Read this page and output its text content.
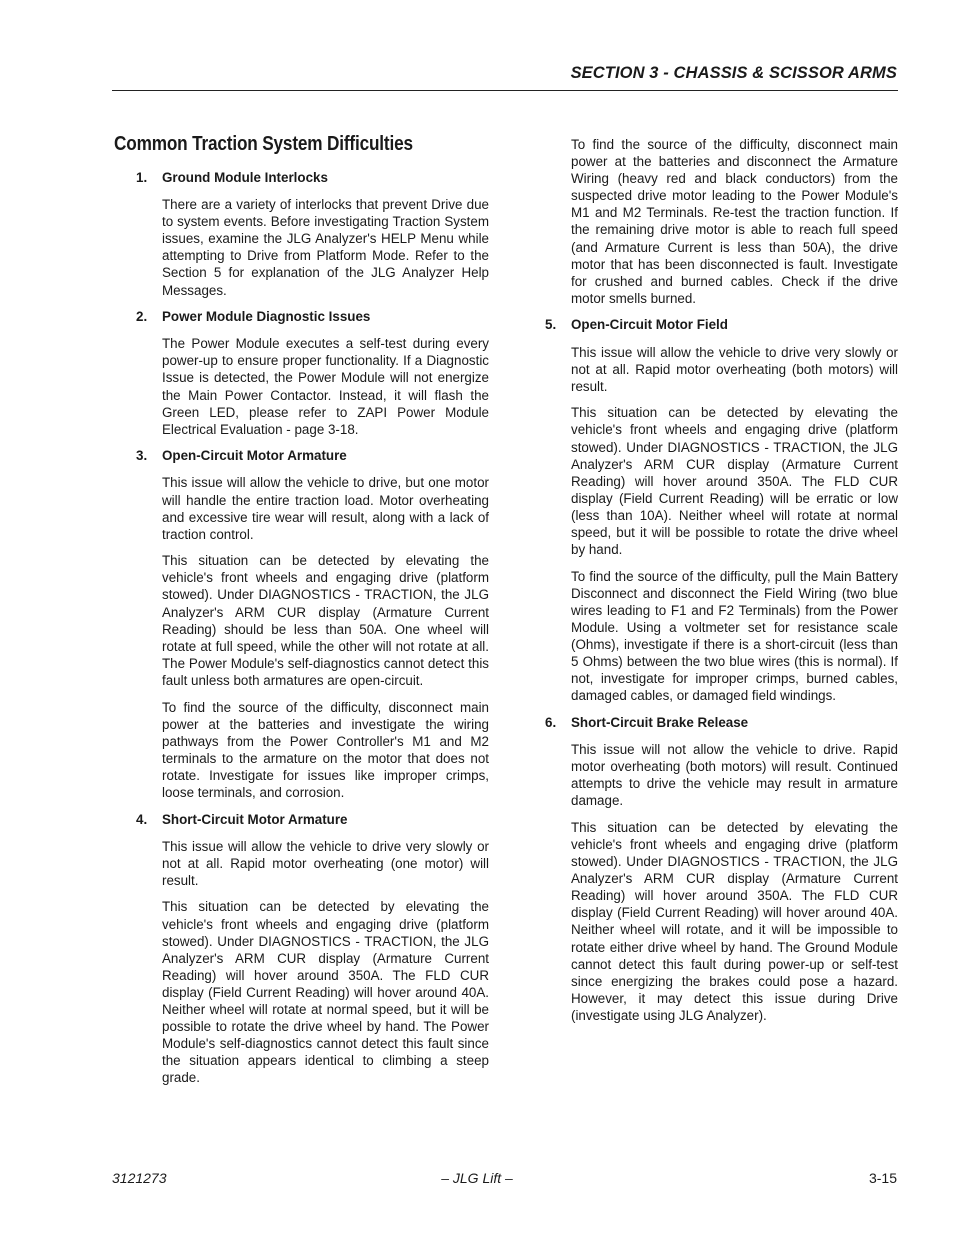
SECTION 3 - CHASSIS & SCISSOR ARMS
Common Traction System Difficulties
1.	Ground Module Interlocks

There are a variety of interlocks that prevent Drive due to system events. Before investigating Traction System issues, examine the JLG Analyzer's HELP Menu while attempting to Drive from Platform Mode. Refer to the Section 5 for explanation of the JLG Analyzer Help Messages.

2.	Power Module Diagnostic Issues

The Power Module executes a self-test during every power-up to ensure proper functionality. If a Diagnostic Issue is detected, the Power Module will not energize the Main Power Contactor. Instead, it will flash the Green LED, please refer to ZAPI Power Module Electrical Evaluation - page 3-18.

3.	Open-Circuit Motor Armature

This issue will allow the vehicle to drive, but one motor will handle the entire traction load. Motor overheating and excessive tire wear will result, along with a lack of traction control.

This situation can be detected by elevating the vehicle's front wheels and engaging drive (platform stowed). Under DIAGNOSTICS - TRACTION, the JLG Analyzer's ARM CUR display (Armature Current Reading) should be less than 50A. One wheel will rotate at full speed, while the other will not rotate at all. The Power Module's self-diagnostics cannot detect this fault unless both armatures are open-circuit.

To find the source of the difficulty, disconnect main power at the batteries and investigate the wiring pathways from the Power Controller's M1 and M2 terminals to the armature on the motor that does not rotate. Investigate for issues like improper crimps, loose terminals, and corrosion.

4.	Short-Circuit Motor Armature

This issue will allow the vehicle to drive very slowly or not at all. Rapid motor overheating (one motor) will result.

This situation can be detected by elevating the vehicle's front wheels and engaging drive (platform stowed). Under DIAGNOSTICS - TRACTION, the JLG Analyzer's ARM CUR display (Armature Current Reading) will hover around 350A. The FLD CUR display (Field Current Reading) will hover around 40A. Neither wheel will rotate at normal speed, but it will be possible to rotate the drive wheel by hand. The Power Module's self-diagnostics cannot detect this fault since the situation appears identical to climbing a steep grade.

To find the source of the difficulty, disconnect main power at the batteries and disconnect the Armature Wiring (heavy red and black conductors) from the suspected drive motor leading to the Power Module's M1 and M2 Terminals. Re-test the traction function. If the remaining drive motor is able to reach full speed (and Armature Current is less than 50A), the drive motor that has been disconnected is fault. Investigate for crushed and burned cables. Check if the drive motor smells burned.

5.	Open-Circuit Motor Field

This issue will allow the vehicle to drive very slowly or not at all. Rapid motor overheating (both motors) will result.

This situation can be detected by elevating the vehicle's front wheels and engaging drive (platform stowed). Under DIAGNOSTICS - TRACTION, the JLG Analyzer's ARM CUR display (Armature Current Reading) will hover around 350A. The FLD CUR display (Field Current Reading) will be erratic or low (less than 10A). Neither wheel will rotate at normal speed, but it will be possible to rotate the drive wheel by hand.

To find the source of the difficulty, pull the Main Battery Disconnect and disconnect the Field Wiring (two blue wires leading to F1 and F2 Terminals) from the Power Module. Using a voltmeter set for resistance scale (Ohms), investigate if there is a short-circuit (less than 5 Ohms) between the two blue wires (this is normal). If not, investigate for improper crimps, burned cables, damaged cables, or damaged field windings.

6.	Short-Circuit Brake Release

This issue will not allow the vehicle to drive. Rapid motor overheating (both motors) will result. Continued attempts to drive the vehicle may result in armature damage.

This situation can be detected by elevating the vehicle's front wheels and engaging drive (platform stowed). Under DIAGNOSTICS - TRACTION, the JLG Analyzer's ARM CUR display (Armature Current Reading) will hover around 350A. The FLD CUR display (Field Current Reading) will hover around 40A. Neither wheel will rotate, and it will be impossible to rotate either drive wheel by hand. The Ground Module cannot detect this fault during power-up or self-test since energizing the brakes could pose a hazard. However, it may detect this issue during Drive (investigate using JLG Analyzer).

3121273	– JLG Lift –	3-15
